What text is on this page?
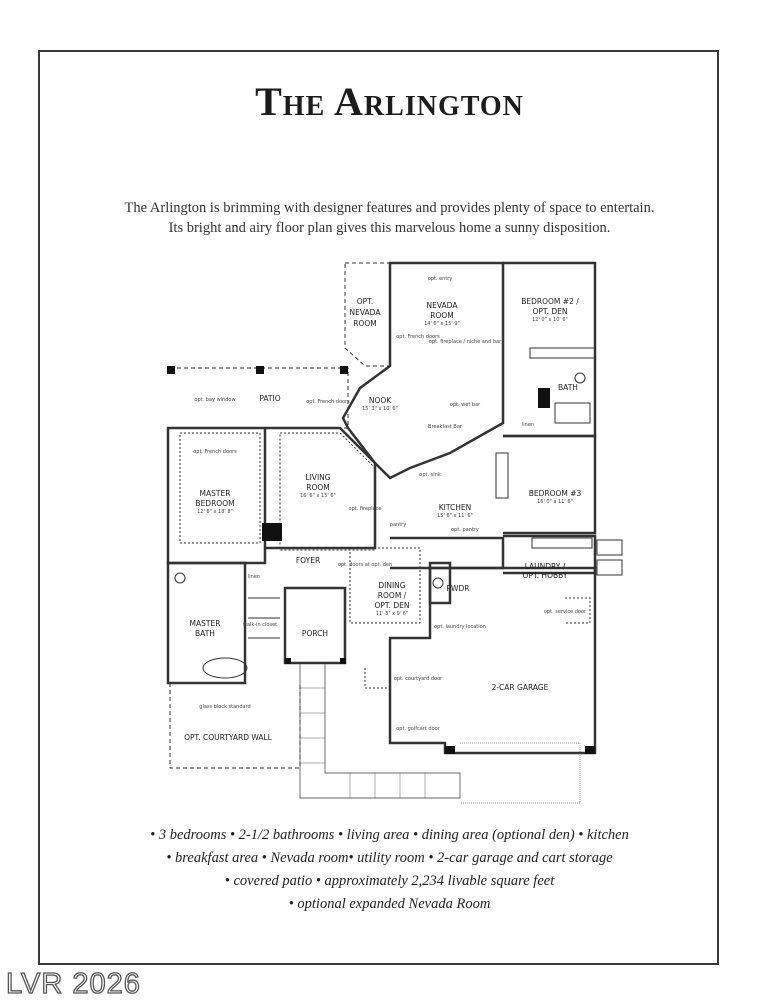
The Arlington
The Arlington is brimming with designer features and provides plenty of space to entertain.
Its bright and airy floor plan gives this marvelous home a sunny disposition.
OPT.
NEVADA
ROOM
opt. entry
NEVADA
ROOM
14' 6" x 15' 9"
opt. French doors
opt. fireplace / niche and bar
BEDROOM #2 /
OPT. DEN
12' 0" x 10' 6"
BATH
linen
PATIO
opt. bay window	opt. French doors	NOOK
15' 3" x 10' 6"
opt. wet bar
Breakfast Bar
opt. French doors
MASTER
BEDROOM
12' 6" x 18' 8"
LIVING
ROOM
16' 6" x 15' 6"
opt. fireplace
opt. sink
KITCHEN
15' 6" x 11' 6"
pantry
opt. pantry
BEDROOM #3
16' 0" x 11' 6"
FOYER
linen
opt. doors at opt. den
DINING
ROOM /
OPT. DEN
11' 3" x 9' 6"
PWDR
LAUNDRY /
OPT. HOBBY
MASTER
BATH
walk-in closet
PORCH
opt. service door
opt. laundry location
opt. courtyard door
2-CAR GARAGE
opt. golfcart door
glass block standard
OPT. COURTYARD WALL
• 3 bedrooms • 2-1/2 bathrooms • living area • dining area (optional den) • kitchen
• breakfast area • Nevada room• utility room • 2-car garage and cart storage
• covered patio • approximately 2,234 livable square feet
• optional expanded Nevada Room
LVR 2026
